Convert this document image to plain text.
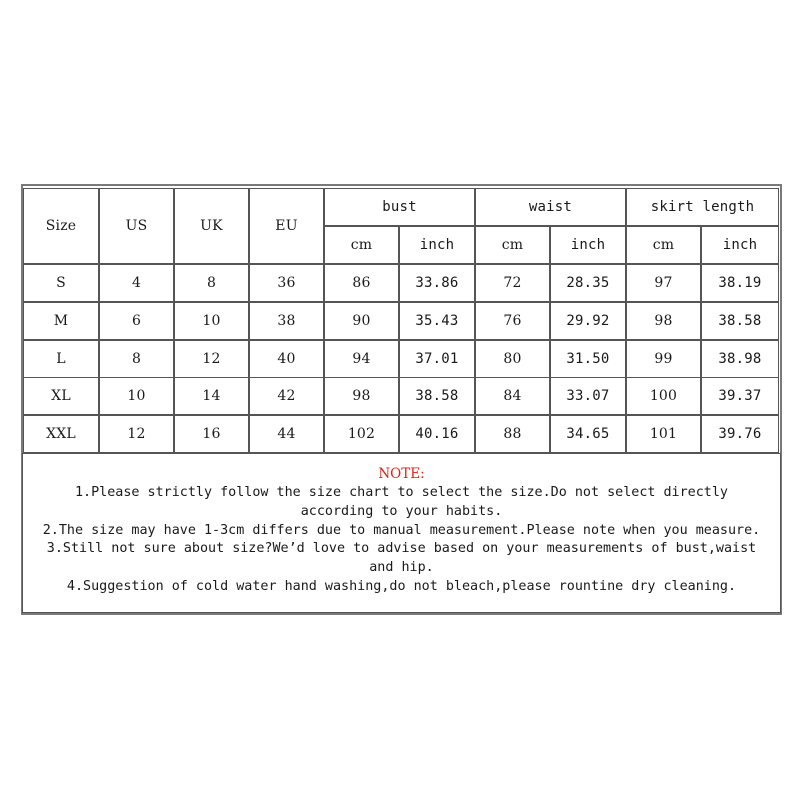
Size	US	UK	EU
bust	waist	skirt length
cm	inch	cm	inch	cm	inch
S	4	8	36	86	33.86	72	28.35	97	38.19
M	6	10	38	90	35.43	76	29.92	98	38.58
L	8	12	40	94	37.01	80	31.50	99	38.98
XL	10	14	42	98	38.58	84	33.07	100	39.37
XXL	12	16	44	102	40.16	88	34.65	101	39.76
NOTE:
1.Please strictly follow the size chart to select the size.Do not select directly
according to your habits.
2.The size may have 1-3cm differs due to manual measurement.Please note when you measure.
3.Still not sure about size?We’d love to advise based on your measurements of bust,waist
and hip.
4.Suggestion of cold water hand washing,do not bleach,please rountine dry cleaning.
